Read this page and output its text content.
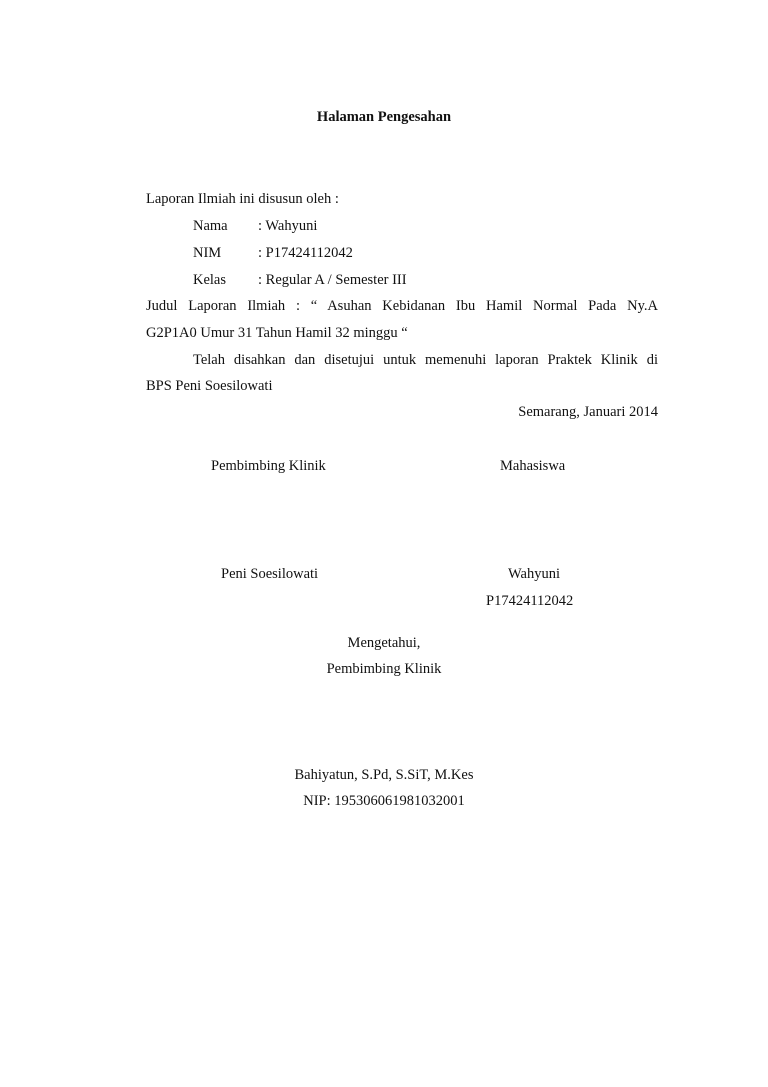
Halaman Pengesahan
Laporan Ilmiah ini disusun oleh :
Nama : Wahyuni
NIM	: P17424112042
Kelas : Regular A / Semester III
Judul Laporan Ilmiah : “ Asuhan Kebidanan Ibu Hamil Normal Pada Ny.A
G2P1A0 Umur 31 Tahun Hamil 32 minggu “
Telah disahkan dan disetujui untuk memenuhi laporan Praktek Klinik di
BPS Peni Soesilowati
Semarang, Januari 2014
Pembimbing Klinik	Mahasiswa
Peni Soesilowati	Wahyuni
P17424112042
Mengetahui,
Pembimbing Klinik
Bahiyatun, S.Pd, S.SiT, M.Kes
NIP: 195306061981032001
